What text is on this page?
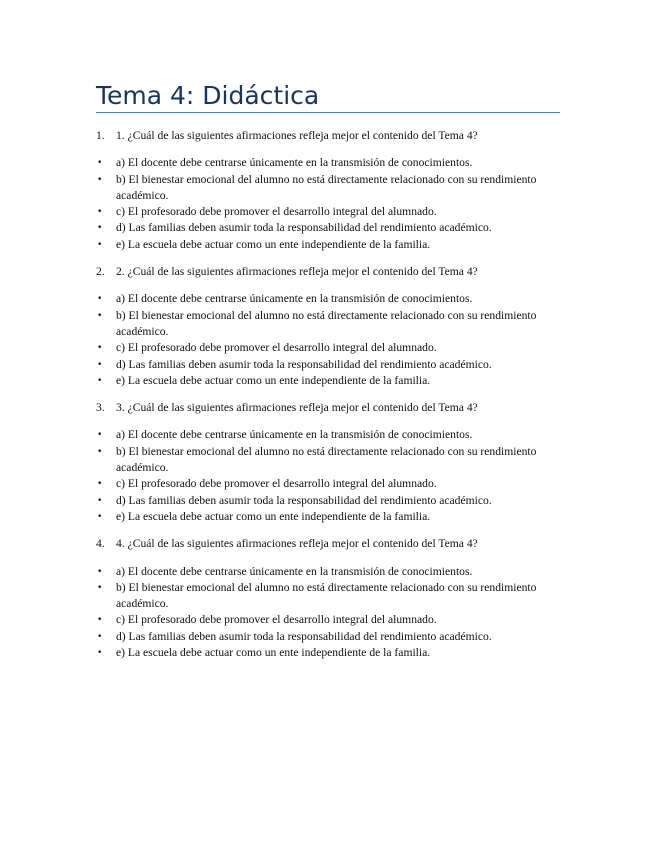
Tema 4: Didáctica
1. 1. ¿Cuál de las siguientes afirmaciones refleja mejor el contenido del Tema 4?
• a) El docente debe centrarse únicamente en la transmisión de conocimientos.
• b) El bienestar emocional del alumno no está directamente relacionado con su rendimiento académico.
• c) El profesorado debe promover el desarrollo integral del alumnado.
• d) Las familias deben asumir toda la responsabilidad del rendimiento académico.
• e) La escuela debe actuar como un ente independiente de la familia.
2. 2. ¿Cuál de las siguientes afirmaciones refleja mejor el contenido del Tema 4?
• a) El docente debe centrarse únicamente en la transmisión de conocimientos.
• b) El bienestar emocional del alumno no está directamente relacionado con su rendimiento académico.
• c) El profesorado debe promover el desarrollo integral del alumnado.
• d) Las familias deben asumir toda la responsabilidad del rendimiento académico.
• e) La escuela debe actuar como un ente independiente de la familia.
3. 3. ¿Cuál de las siguientes afirmaciones refleja mejor el contenido del Tema 4?
• a) El docente debe centrarse únicamente en la transmisión de conocimientos.
• b) El bienestar emocional del alumno no está directamente relacionado con su rendimiento académico.
• c) El profesorado debe promover el desarrollo integral del alumnado.
• d) Las familias deben asumir toda la responsabilidad del rendimiento académico.
• e) La escuela debe actuar como un ente independiente de la familia.
4. 4. ¿Cuál de las siguientes afirmaciones refleja mejor el contenido del Tema 4?
• a) El docente debe centrarse únicamente en la transmisión de conocimientos.
• b) El bienestar emocional del alumno no está directamente relacionado con su rendimiento académico.
• c) El profesorado debe promover el desarrollo integral del alumnado.
• d) Las familias deben asumir toda la responsabilidad del rendimiento académico.
• e) La escuela debe actuar como un ente independiente de la familia.
